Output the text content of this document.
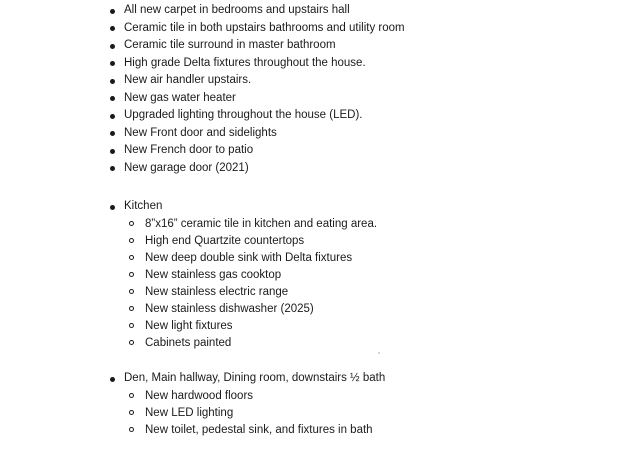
All new carpet in bedrooms and upstairs hall
Ceramic tile in both upstairs bathrooms and utility room
Ceramic tile surround in master bathroom
High grade Delta fixtures throughout the house.
New air handler upstairs.
New gas water heater
Upgraded lighting throughout the house (LED).
New Front door and sidelights
New French door to patio
New garage door (2021)
Kitchen
8”x16” ceramic tile in kitchen and eating area.
High end Quartzite countertops
New deep double sink with Delta fixtures
New stainless gas cooktop
New stainless electric range
New stainless dishwasher (2025)
New light fixtures
Cabinets painted
Den, Main hallway, Dining room, downstairs ½ bath
New hardwood floors
New LED lighting
New toilet, pedestal sink, and fixtures in bath
